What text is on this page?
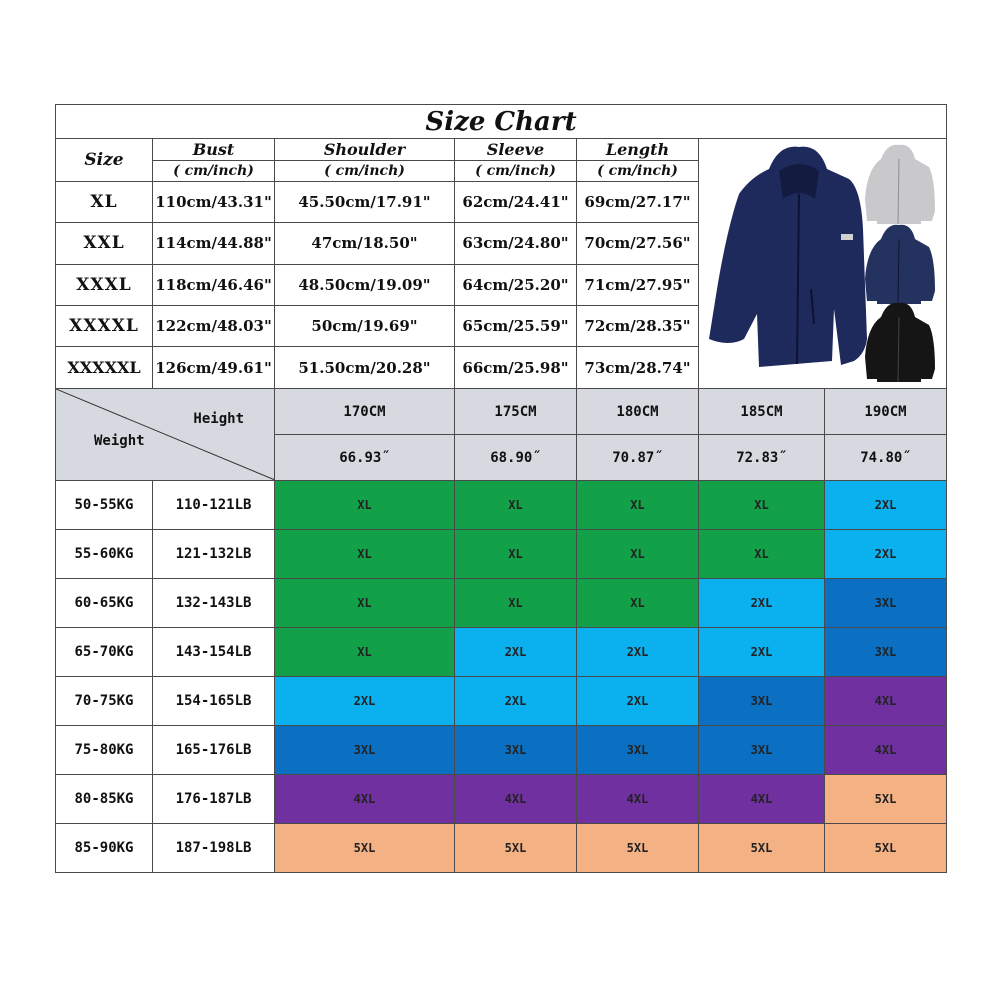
Size Chart					
Size	Bust	Shoulder	Sleeve	Length	
	( cm/inch)	( cm/inch)	( cm/inch)	( cm/inch)	
XL	110cm/43.31"	45.50cm/17.91"	62cm/24.41"	69cm/27.17"	
XXL	114cm/44.88"	47cm/18.50"	63cm/24.80"	70cm/27.56"	
XXXL	118cm/46.46"	48.50cm/19.09"	64cm/25.20"	71cm/27.95"	
XXXXL	122cm/48.03"	50cm/19.69"	65cm/25.59"	72cm/28.35"	
XXXXXL	126cm/49.61"	51.50cm/20.28"	66cm/25.98"	73cm/28.74"	
Height
Weight		170CM	175CM	180CM	185CM	190CM
		66.93˝	68.90˝	70.87˝	72.83˝	74.80˝
50-55KG	110-121LB	XL	XL	XL	XL	2XL
55-60KG	121-132LB	XL	XL	XL	XL	2XL
60-65KG	132-143LB	XL	XL	XL	2XL	3XL
65-70KG	143-154LB	XL	2XL	2XL	2XL	3XL
70-75KG	154-165LB	2XL	2XL	2XL	3XL	4XL
75-80KG	165-176LB	3XL	3XL	3XL	3XL	4XL
80-85KG	176-187LB	4XL	4XL	4XL	4XL	5XL
85-90KG	187-198LB	5XL	5XL	5XL	5XL	5XL
